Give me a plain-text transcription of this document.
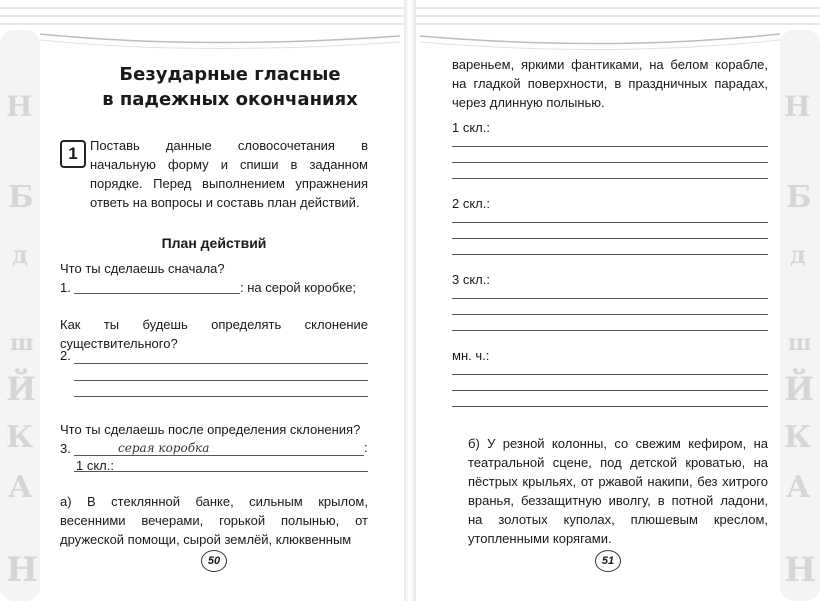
Н
Б
д
ш
Й
К
А
Н
Безударные гласные
в падежных окончаниях
1 Поставь данные словосочетания в начальную форму и спиши в заданном порядке. Перед выполнением упражнения ответь на вопросы и составь план действий.
План действий
Что ты сделаешь сначала?
1.	: на серой коробке;
Как ты будешь определять склонение существительного?
2.
Что ты сделаешь после определения склонения?
3.	серая коробка	:
1 скл.:
а) В стеклянной банке, сильным крылом, весенними вечерами, горькой полынью, от дружеской помощи, сырой землёй, клюквенным
50
Н
Б
д
ш
Й
К
А
Н
вареньем, яркими фантиками, на белом корабле, на гладкой поверхности, в праздничных парадах, через длинную полынью.
1 скл.:
2 скл.:
3 скл.:
мн. ч.:
б) У резной колонны, со свежим кефиром, на театральной сцене, под детской кроватью, на пёстрых крыльях, от ржавой накипи, без хитрого вранья, беззащитную иволгу, в потной ладони, на золотых куполах, плюшевым креслом, утопленными корягами.
51
